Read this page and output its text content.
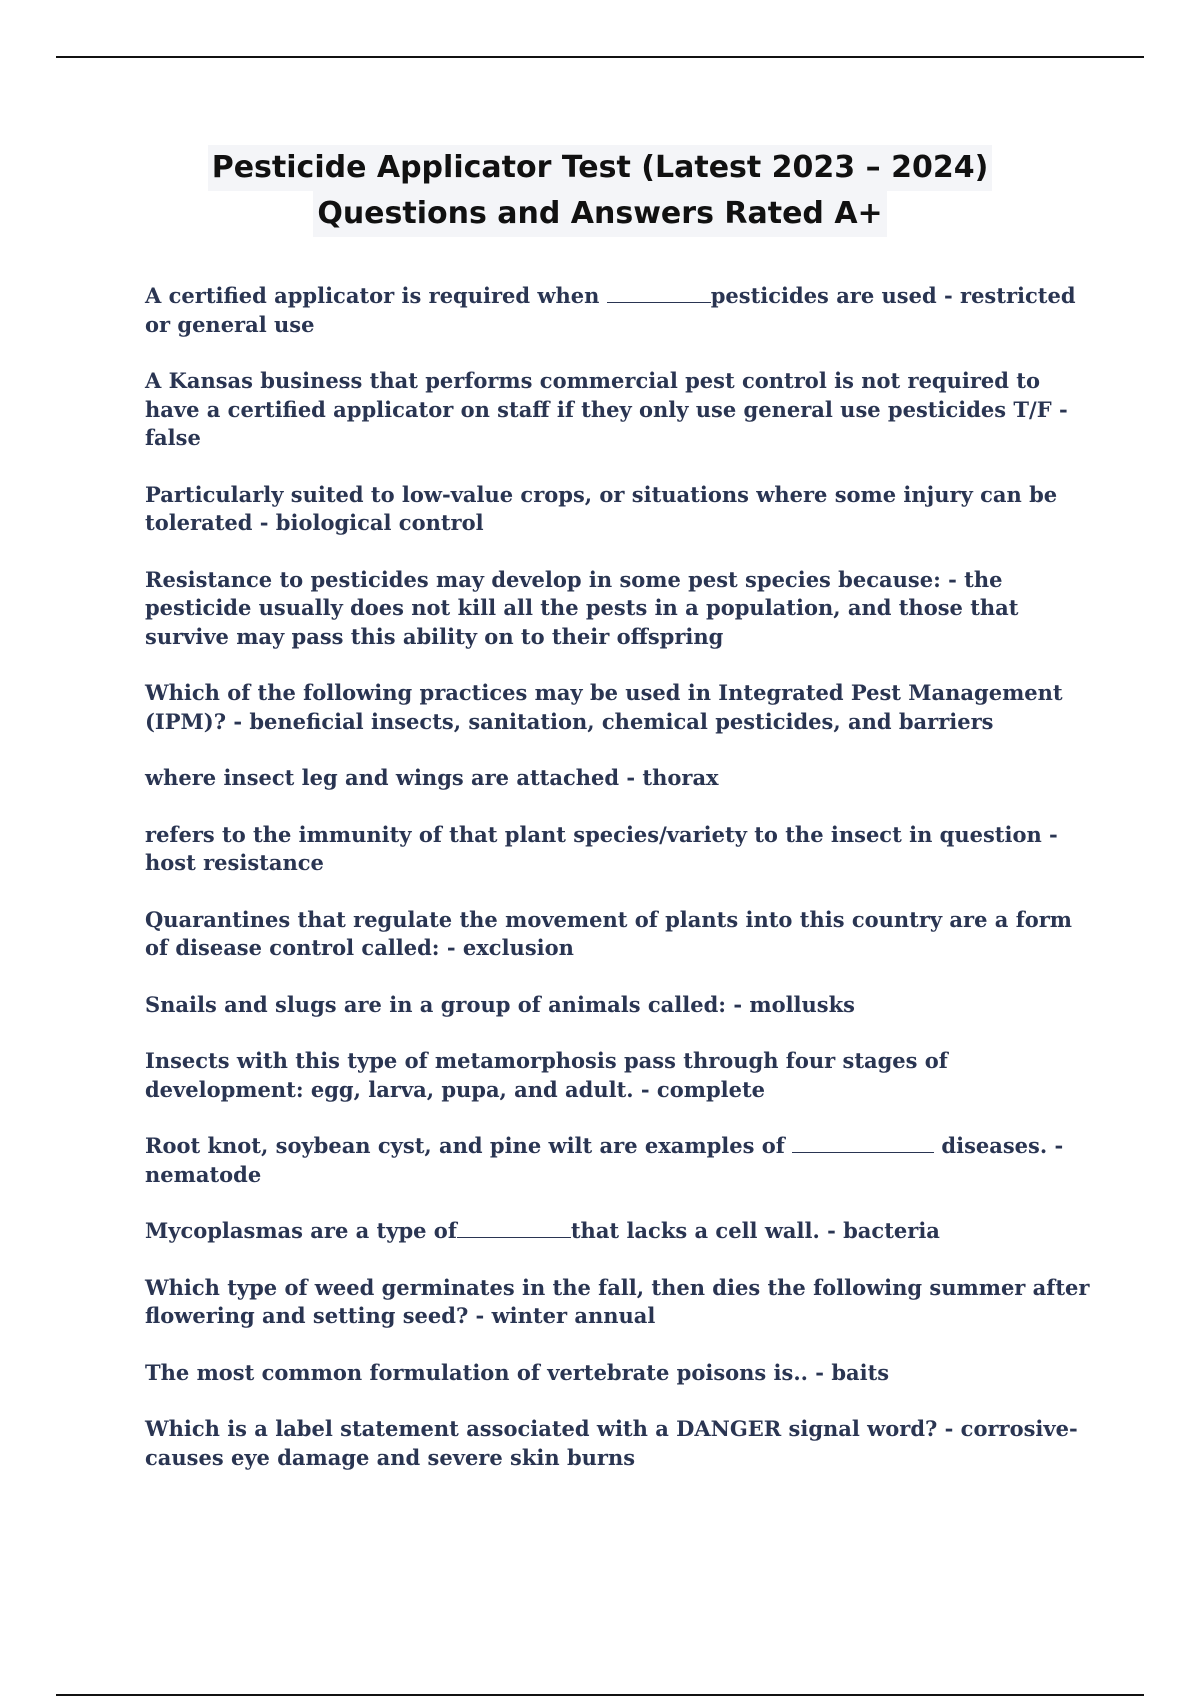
Pesticide Applicator Test (Latest 2023 – 2024)
Questions and Answers Rated A+

A certified applicator is required when	pesticides are used - restricted or general use

A Kansas business that performs commercial pest control is not required to have a certified applicator on staff if they only use general use pesticides T/F - false

Particularly suited to low-value crops, or situations where some injury can be tolerated - biological control

Resistance to pesticides may develop in some pest species because: - the pesticide usually does not kill all the pests in a population, and those that survive may pass this ability on to their offspring

Which of the following practices may be used in Integrated Pest Management (IPM)? - beneficial insects, sanitation, chemical pesticides, and barriers

where insect leg and wings are attached - thorax

refers to the immunity of that plant species/variety to the insect in question - host resistance

Quarantines that regulate the movement of plants into this country are a form of disease control called: - exclusion

Snails and slugs are in a group of animals called: - mollusks

Insects with this type of metamorphosis pass through four stages of development: egg, larva, pupa, and adult. - complete

Root knot, soybean cyst, and pine wilt are examples of	diseases. - nematode

Mycoplasmas are a type of	that lacks a cell wall. - bacteria

Which type of weed germinates in the fall, then dies the following summer after flowering and setting seed? - winter annual

The most common formulation of vertebrate poisons is.. - baits

Which is a label statement associated with a DANGER signal word? - corrosive-causes eye damage and severe skin burns
